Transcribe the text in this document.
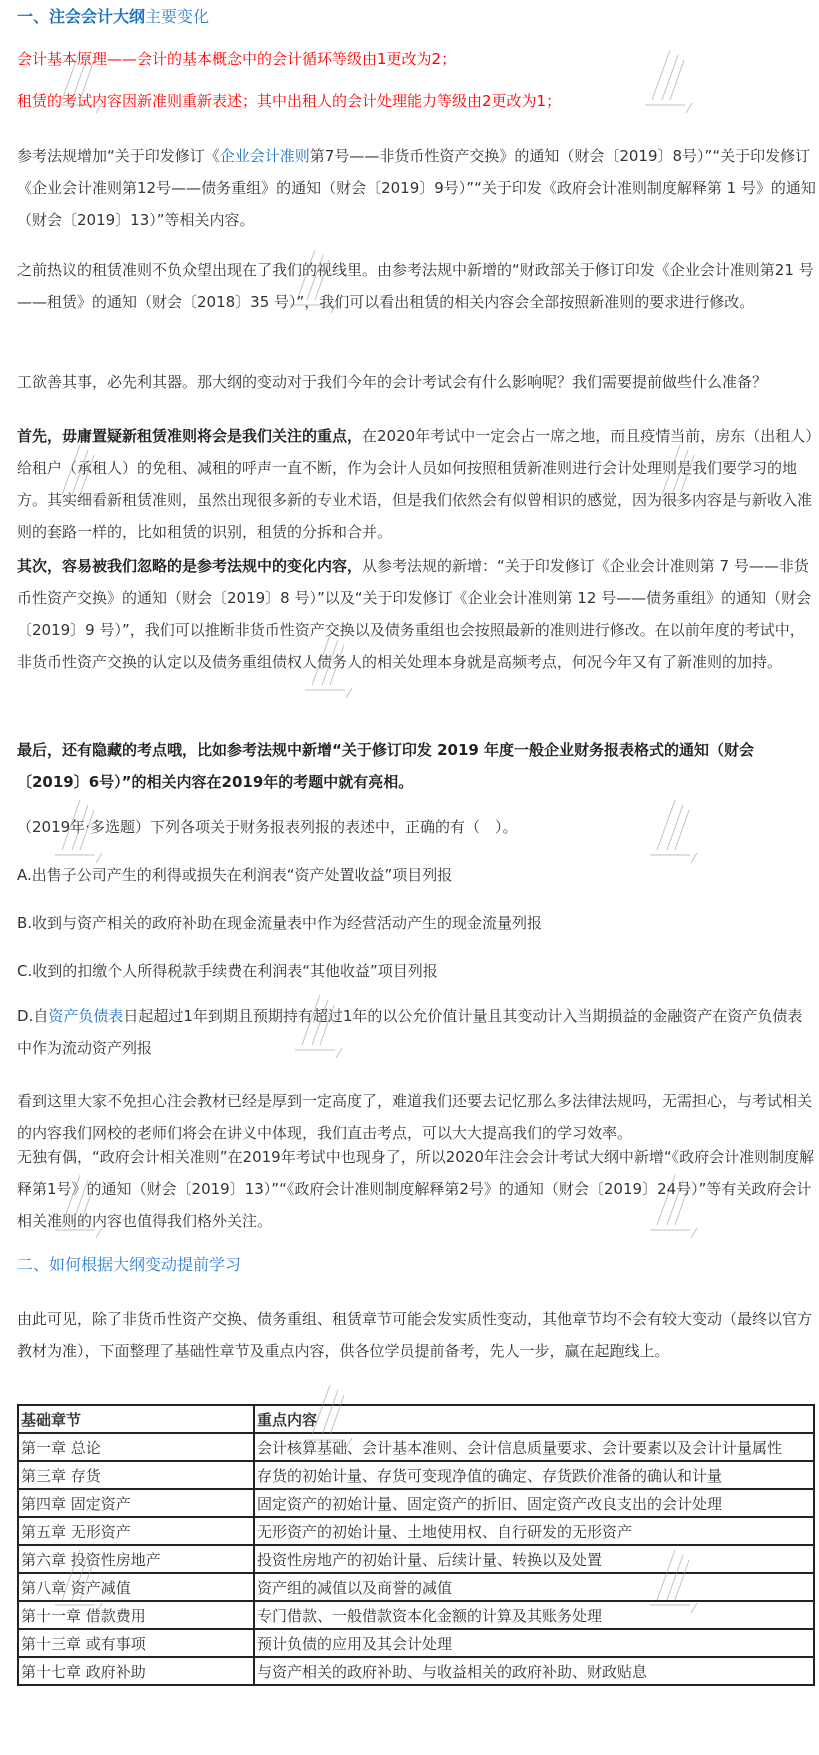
一、注会会计大纲主要变化
会计基本原理——会计的基本概念中的会计循环等级由1更改为2；
租赁的考试内容因新准则重新表述；其中出租人的会计处理能力等级由2更改为1；
参考法规增加“关于印发修订《企业会计准则第7号——非货币性资产交换》的通知（财会〔2019〕8号）”“关于印发修订《企业会计准则第12号——债务重组》的通知（财会〔2019〕9号）”“关于印发《政府会计准则制度解释第 1 号》的通知（财会〔2019〕13）”等相关内容。
之前热议的租赁准则不负众望出现在了我们的视线里。由参考法规中新增的“财政部关于修订印发《企业会计准则第21 号——租赁》的通知（财会〔2018〕35 号）”，我们可以看出租赁的相关内容会全部按照新准则的要求进行修改。
工欲善其事，必先利其器。那大纲的变动对于我们今年的会计考试会有什么影响呢？我们需要提前做些什么准备？
首先，毋庸置疑新租赁准则将会是我们关注的重点，在2020年考试中一定会占一席之地，而且疫情当前，房东（出租人）给租户（承租人）的免租、减租的呼声一直不断，作为会计人员如何按照租赁新准则进行会计处理则是我们要学习的地方。其实细看新租赁准则，虽然出现很多新的专业术语，但是我们依然会有似曾相识的感觉，因为很多内容是与新收入准则的套路一样的，比如租赁的识别，租赁的分拆和合并。
其次，容易被我们忽略的是参考法规中的变化内容，从参考法规的新增：“关于印发修订《企业会计准则第 7 号——非货币性资产交换》的通知（财会〔2019〕8 号）”以及“关于印发修订《企业会计准则第 12 号——债务重组》的通知（财会〔2019〕9 号）”，我们可以推断非货币性资产交换以及债务重组也会按照最新的准则进行修改。在以前年度的考试中，非货币性资产交换的认定以及债务重组债权人债务人的相关处理本身就是高频考点，何况今年又有了新准则的加持。
最后，还有隐藏的考点哦，比如参考法规中新增“关于修订印发 2019 年度一般企业财务报表格式的通知（财会〔2019〕6号）”的相关内容在2019年的考题中就有亮相。
（2019年·多选题）下列各项关于财务报表列报的表述中，正确的有（　）。
A.出售子公司产生的利得或损失在利润表“资产处置收益”项目列报
B.收到与资产相关的政府补助在现金流量表中作为经营活动产生的现金流量列报
C.收到的扣缴个人所得税款手续费在利润表“其他收益”项目列报
D.自资产负债表日起超过1年到期且预期持有超过1年的以公允价值计量且其变动计入当期损益的金融资产在资产负债表中作为流动资产列报
看到这里大家不免担心注会教材已经是厚到一定高度了，难道我们还要去记忆那么多法律法规吗，无需担心，与考试相关的内容我们网校的老师们将会在讲义中体现，我们直击考点，可以大大提高我们的学习效率。
无独有偶，“政府会计相关准则”在2019年考试中也现身了，所以2020年注会会计考试大纲中新增“《政府会计准则制度解释第1号》的通知（财会〔2019〕13）”“《政府会计准则制度解释第2号》的通知（财会〔2019〕24号）”等有关政府会计相关准则的内容也值得我们格外关注。
二、如何根据大纲变动提前学习
由此可见，除了非货币性资产交换、债务重组、租赁章节可能会发实质性变动，其他章节均不会有较大变动（最终以官方教材为准），下面整理了基础性章节及重点内容，供各位学员提前备考，先人一步，赢在起跑线上。
基础章节	重点内容
第一章 总论	会计核算基础、会计基本准则、会计信息质量要求、会计要素以及会计计量属性
第三章 存货	存货的初始计量、存货可变现净值的确定、存货跌价准备的确认和计量
第四章 固定资产	固定资产的初始计量、固定资产的折旧、固定资产改良支出的会计处理
第五章 无形资产	无形资产的初始计量、土地使用权、自行研发的无形资产
第六章 投资性房地产	投资性房地产的初始计量、后续计量、转换以及处置
第八章 资产减值	资产组的减值以及商誉的减值
第十一章 借款费用	专门借款、一般借款资本化金额的计算及其账务处理
第十三章 或有事项	预计负债的应用及其会计处理
第十七章 政府补助	与资产相关的政府补助、与收益相关的政府补助、财政贴息
